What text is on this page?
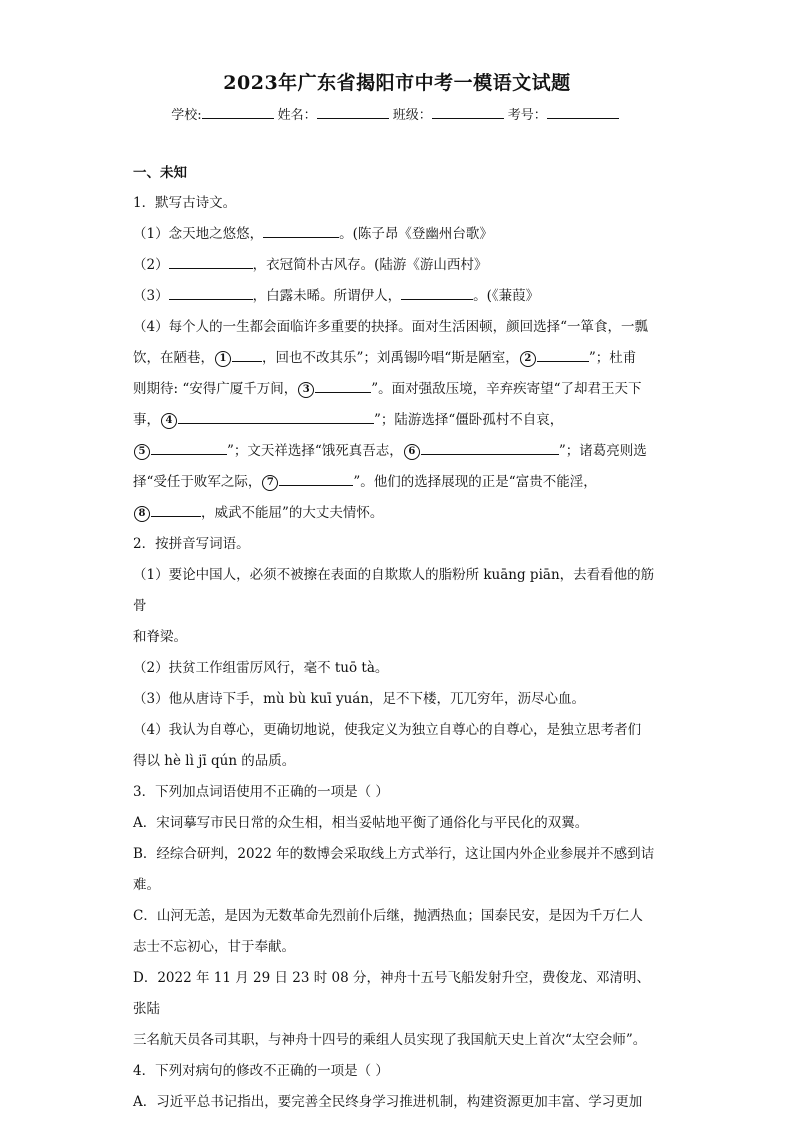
2023年广东省揭阳市中考一模语文试题
学校:	姓名：	班级：	考号：

一、未知

1．默写古诗文。

（1）念天地之悠悠，	。(陈子昂《登幽州台歌》

（2）	，衣冠简朴古风存。(陆游《游山西村》

（3）	，白露未晞。所谓伊人，	。(《蒹葭》

（4）每个人的一生都会面临许多重要的抉择。面对生活困顿，颜回选择“一箪食，一瓢

饮，在陋巷， 1	，回也不改其乐”；刘禹锡吟唱“斯是陋室， 2	”；杜甫

则期待: “安得广厦千万间， 3	”。面对强敌压境，辛弃疾寄望“了却君王天下

事， 4	”；陆游选择“僵卧孤村不自哀，

5	”；文天祥选择“饿死真吾志， 6	”；诸葛亮则选

择“受任于败军之际， 7	”。他们的选择展现的正是“富贵不能淫，

8	，威武不能屈”的大丈夫情怀。

2．按拼音写词语。

（1）要论中国人，必须不被擦在表面的自欺欺人的脂粉所 kuāng piān，去看看他的筋骨

和脊梁。

（2）扶贫工作组雷厉风行，毫不 tuō tà。

（3）他从唐诗下手，mù bù kuī yuán，足不下楼，兀兀穷年，沥尽心血。

（4）我认为自尊心，更确切地说，使我定义为独立自尊心的自尊心，是独立思考者们

得以 hè lì jī qún 的品质。

3．下列加点词语使用不正确的一项是（ ）

A．宋词摹写市民日常的众生相，相当妥帖地平衡了通俗化与平民化的双翼。

B．经综合研判，2022 年的数博会采取线上方式举行，这让国内外企业参展并不感到诘

难。

C．山河无恙，是因为无数革命先烈前仆后继，抛洒热血；国泰民安，是因为千万仁人

志士不忘初心，甘于奉献。

D．2022 年 11 月 29 日 23 时 08 分，神舟十五号飞船发射升空，费俊龙、邓清明、张陆

三名航天员各司其职，与神舟十四号的乘组人员实现了我国航天史上首次“太空会师”。

4．下列对病句的修改不正确的一项是（ ）

A．习近平总书记指出，要完善全民终身学习推进机制，构建资源更加丰富、学习更加
